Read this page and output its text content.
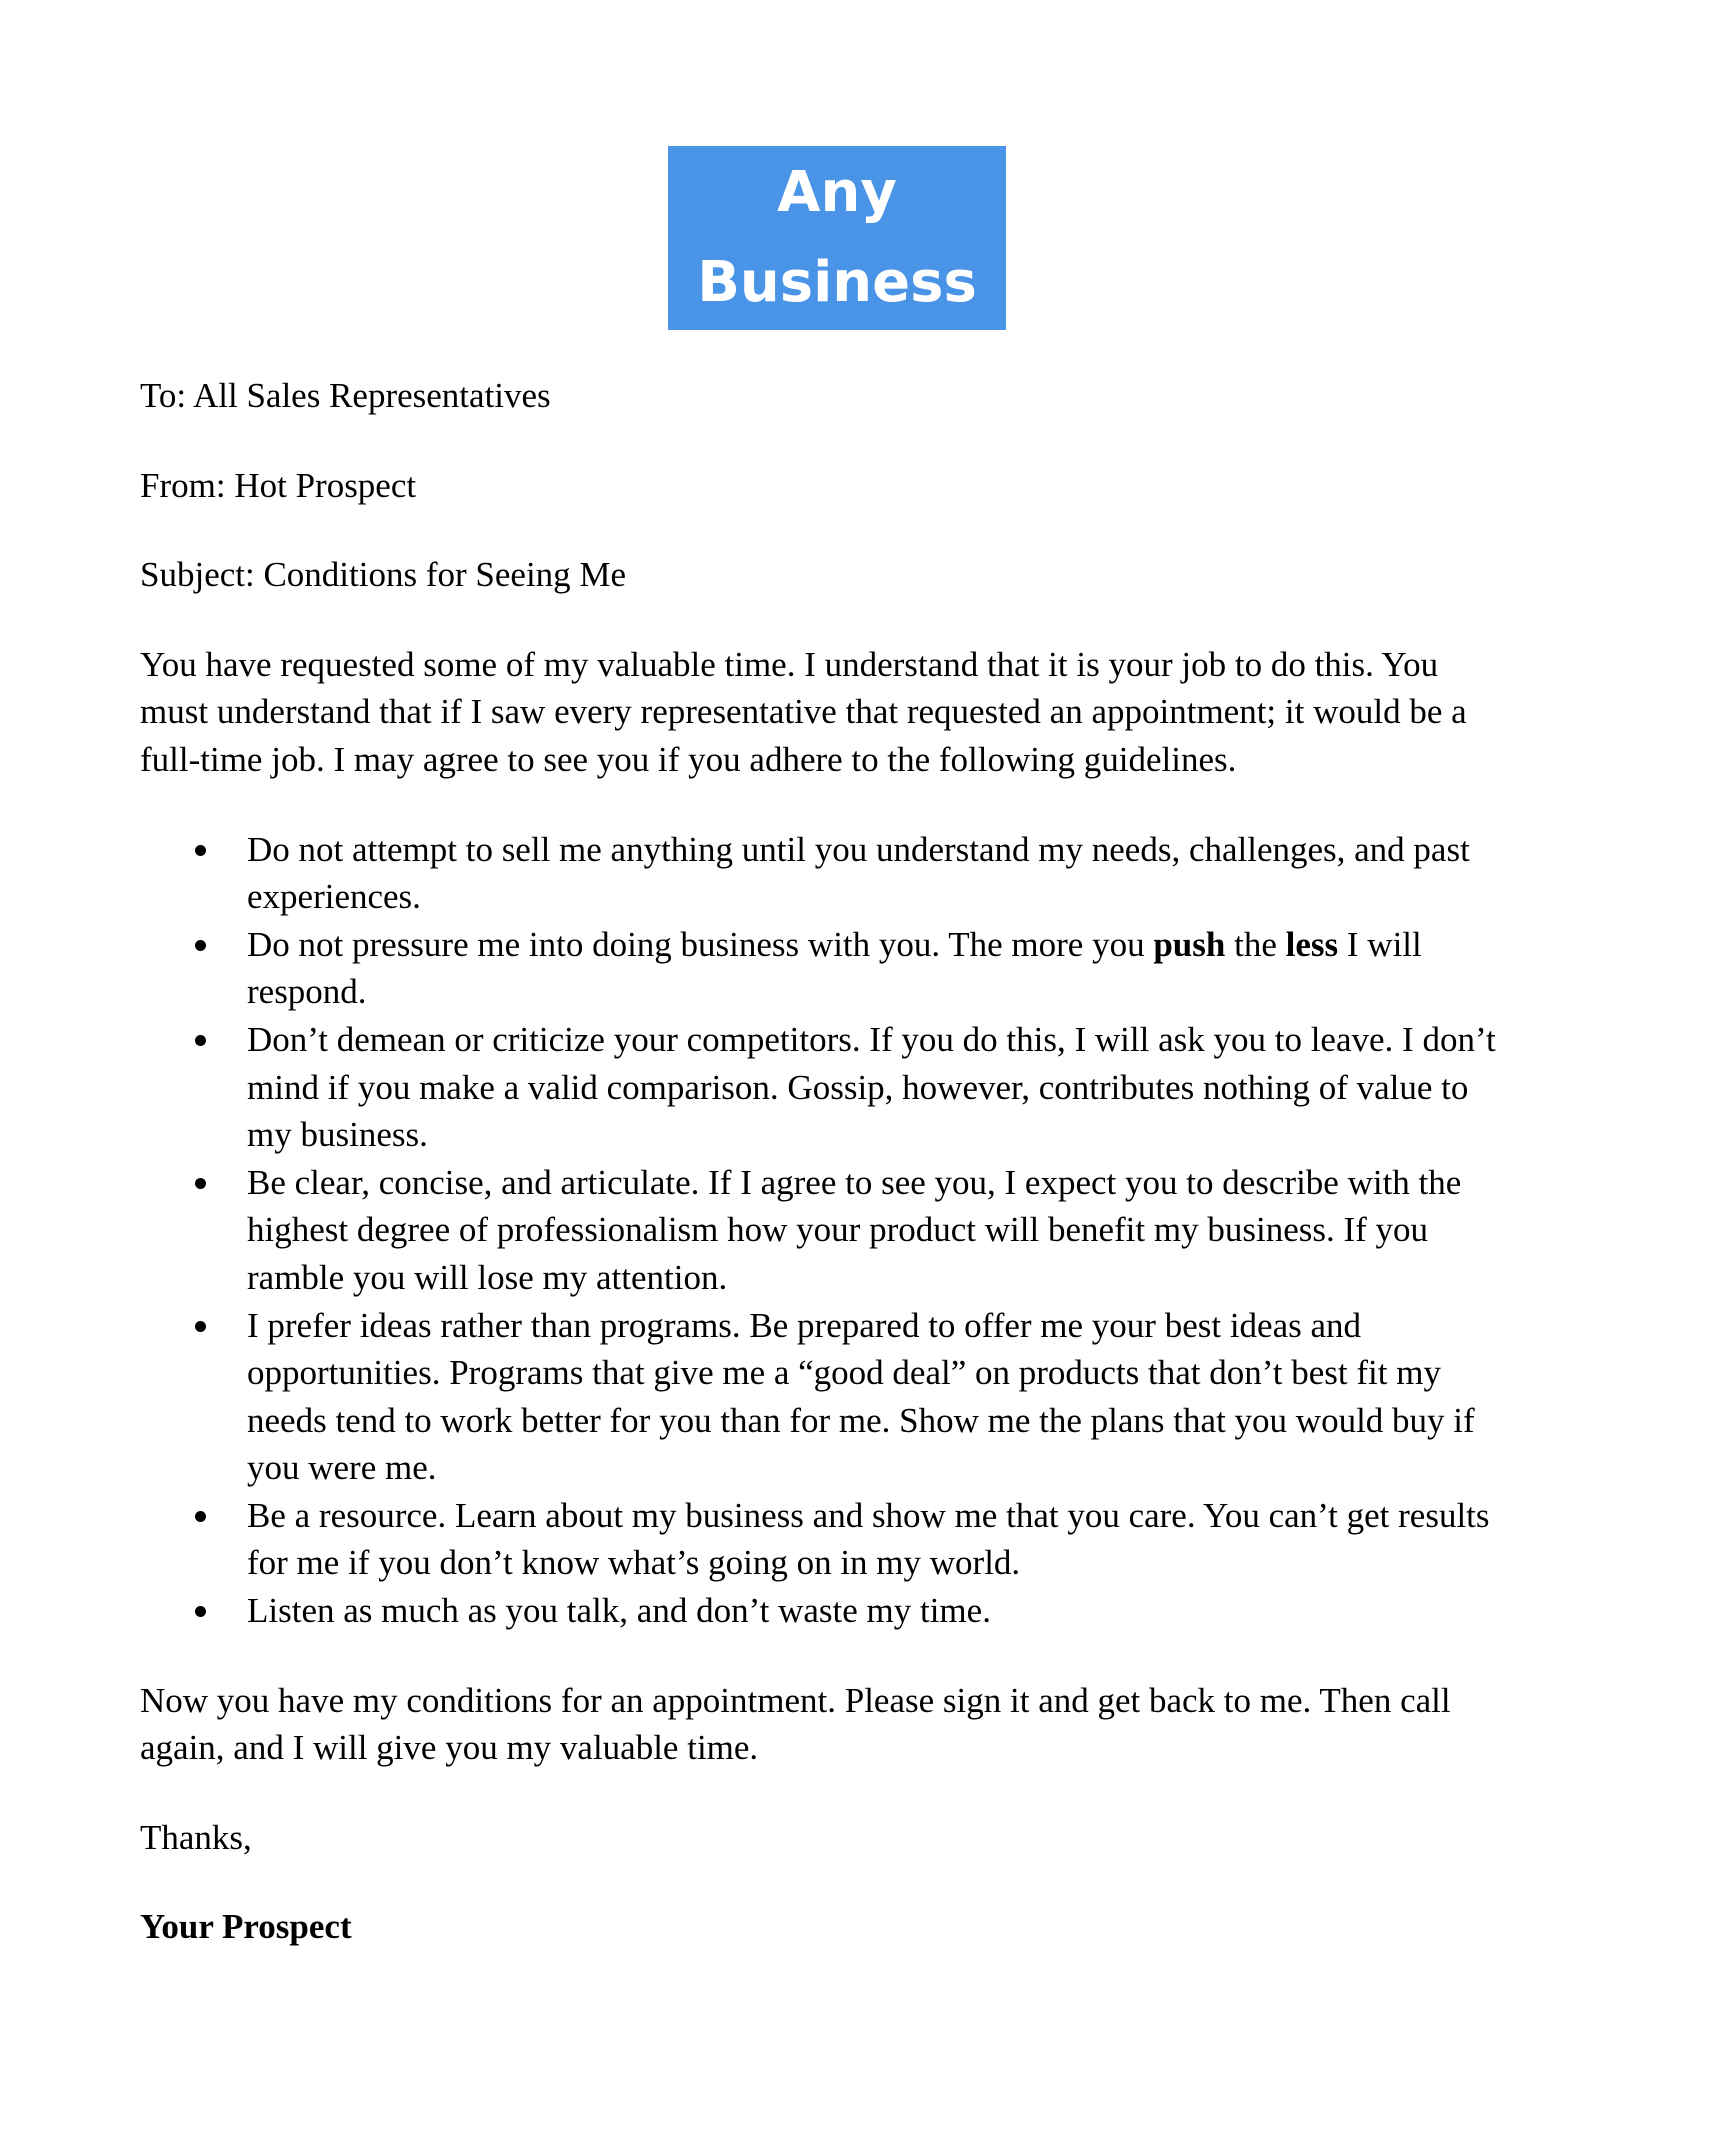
Any
Business

To: All Sales Representatives

From: Hot Prospect

Subject: Conditions for Seeing Me

You have requested some of my valuable time. I understand that it is your job to do this. You must understand that if I saw every representative that requested an appointment; it would be a full-time job. I may agree to see you if you adhere to the following guidelines.

Do not attempt to sell me anything until you understand my needs, challenges, and past experiences.
Do not pressure me into doing business with you. The more you push the less I will respond.
Don’t demean or criticize your competitors. If you do this, I will ask you to leave. I don’t mind if you make a valid comparison. Gossip, however, contributes nothing of value to my business.
Be clear, concise, and articulate. If I agree to see you, I expect you to describe with the highest degree of professionalism how your product will benefit my business. If you ramble you will lose my attention.
I prefer ideas rather than programs. Be prepared to offer me your best ideas and opportunities. Programs that give me a “good deal” on products that don’t best fit my needs tend to work better for you than for me. Show me the plans that you would buy if you were me.
Be a resource. Learn about my business and show me that you care. You can’t get results for me if you don’t know what’s going on in my world.
Listen as much as you talk, and don’t waste my time.

Now you have my conditions for an appointment. Please sign it and get back to me. Then call again, and I will give you my valuable time.

Thanks,

Your Prospect
